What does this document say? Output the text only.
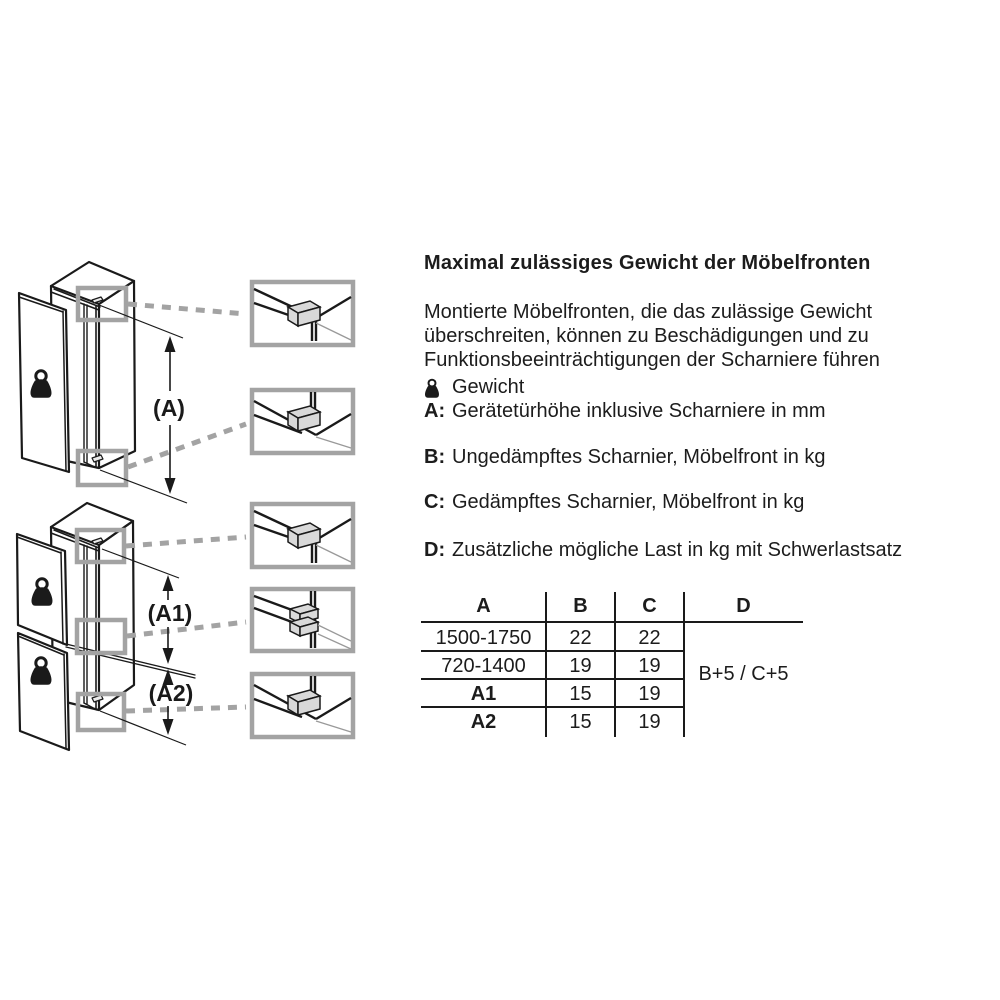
(A)
(A1)
(A2)
Maximal zulässiges Gewicht der Möbelfronten

Montierte Möbelfronten, die das zulässige Gewicht überschreiten, können zu Beschädigungen und zu Funktionsbeeinträchtigungen der Scharniere führen

Gewicht
A: Gerätetürhöhe inklusive Scharniere in mm
B: Ungedämpftes Scharnier, Möbelfront in kg
C: Gedämpftes Scharnier, Möbelfront in kg
D: Zusätzliche mögliche Last in kg mit Schwerlastsatz
A	B	C	D
1500-1750	22	22
720-1400	19	19
A1	15	19
A2	15	19
B+5 / C+5
